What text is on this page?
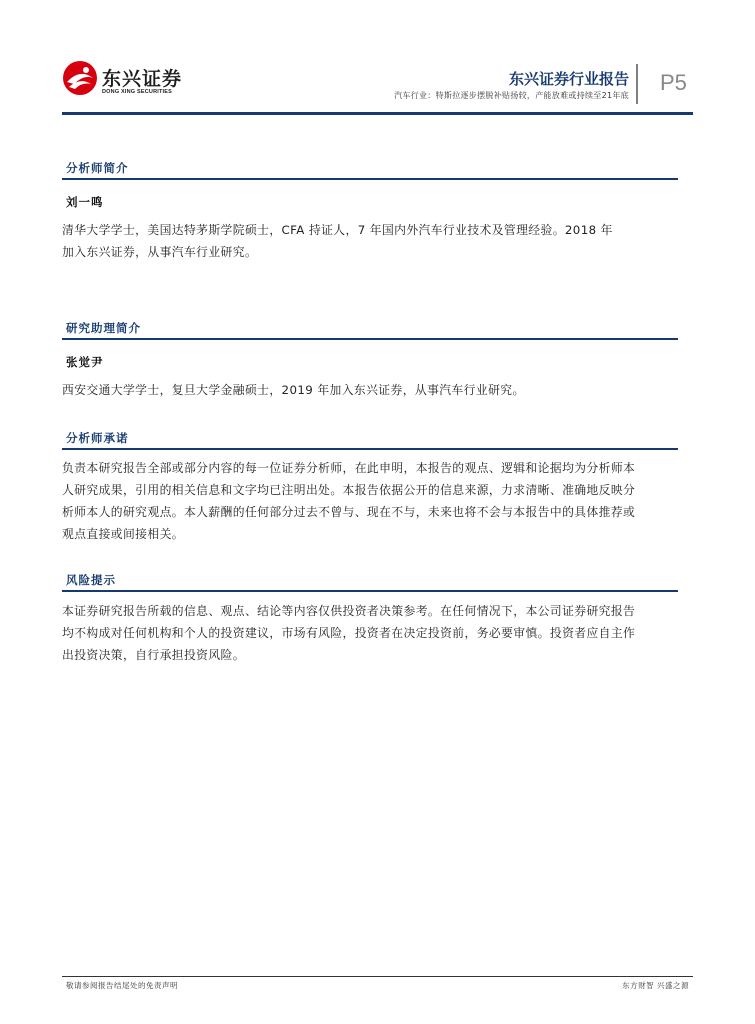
东兴证券
DONG XING SECURITIES
东兴证券行业报告
汽车行业：特斯拉逐步摆脱补贴扬较，产能放难或持续至21年底
P5
分析师简介
刘一鸣
清华大学学士，美国达特茅斯学院硕士，CFA 持证人，7 年国内外汽车行业技术及管理经验。2018 年
加入东兴证券，从事汽车行业研究。
研究助理简介
张觉尹
西安交通大学学士，复旦大学金融硕士，2019 年加入东兴证券，从事汽车行业研究。
分析师承诺
负责本研究报告全部或部分内容的每一位证券分析师，在此申明，本报告的观点、逻辑和论据均为分析师本
人研究成果，引用的相关信息和文字均已注明出处。本报告依据公开的信息来源，力求清晰、准确地反映分
析师本人的研究观点。本人薪酬的任何部分过去不曾与、现在不与，未来也将不会与本报告中的具体推荐或
观点直接或间接相关。
风险提示
本证券研究报告所载的信息、观点、结论等内容仅供投资者决策参考。在任何情况下，本公司证券研究报告
均不构成对任何机构和个人的投资建议，市场有风险，投资者在决定投资前，务必要审慎。投资者应自主作
出投资决策，自行承担投资风险。
敬请参阅报告结尾处的免责声明	东方财智 兴盛之源
